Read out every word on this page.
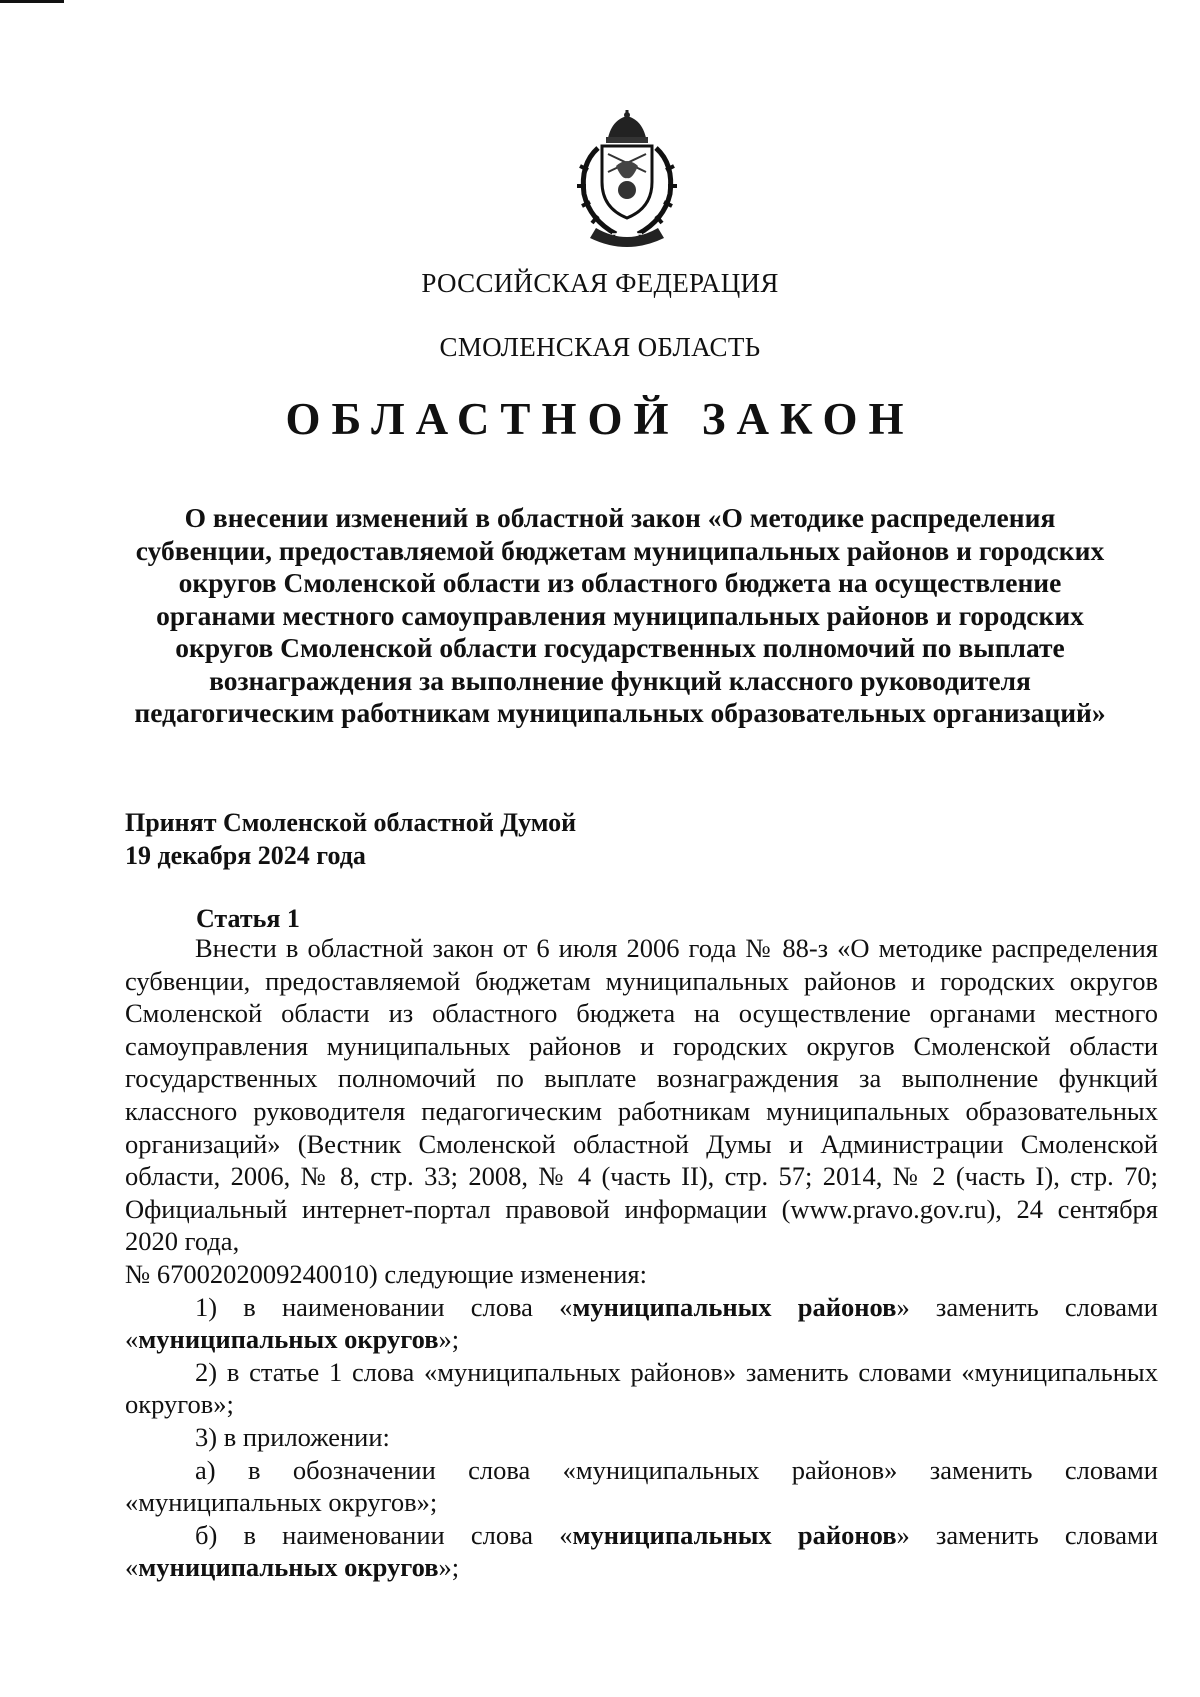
РОССИЙСКАЯ ФЕДЕРАЦИЯ
СМОЛЕНСКАЯ ОБЛАСТЬ
ОБЛАСТНОЙ ЗАКОН
О внесении изменений в областной закон «О методике распределения
субвенции, предоставляемой бюджетам муниципальных районов и городских
округов Смоленской области из областного бюджета на осуществление
органами местного самоуправления муниципальных районов и городских
округов Смоленской области государственных полномочий по выплате
вознаграждения за выполнение функций классного руководителя
педагогическим работникам муниципальных образовательных организаций»
Принят Смоленской областной Думой
19 декабря 2024 года
Статья 1

Внести в областной закон от 6 июля 2006 года № 88-з «О методике распределения субвенции, предоставляемой бюджетам муниципальных районов и городских округов Смоленской области из областного бюджета на осуществление органами местного самоуправления муниципальных районов и городских округов Смоленской области государственных полномочий по выплате вознаграждения за выполнение функций классного руководителя педагогическим работникам муниципальных образовательных организаций» (Вестник Смоленской областной Думы и Администрации Смоленской области, 2006, № 8, стр. 33; 2008, № 4 (часть II), стр. 57; 2014, № 2 (часть I), стр. 70; Официальный интернет-портал правовой информации (www.pravo.gov.ru), 24 сентября 2020 года,

№ 6700202009240010) следующие изменения:

1) в наименовании слова «муниципальных районов» заменить словами «муниципальных округов»;

2) в статье 1 слова «муниципальных районов» заменить словами «муниципальных округов»;

3) в приложении:

а) в обозначении слова «муниципальных районов» заменить словами «муниципальных округов»;

б) в наименовании слова «муниципальных районов» заменить словами «муниципальных округов»;
